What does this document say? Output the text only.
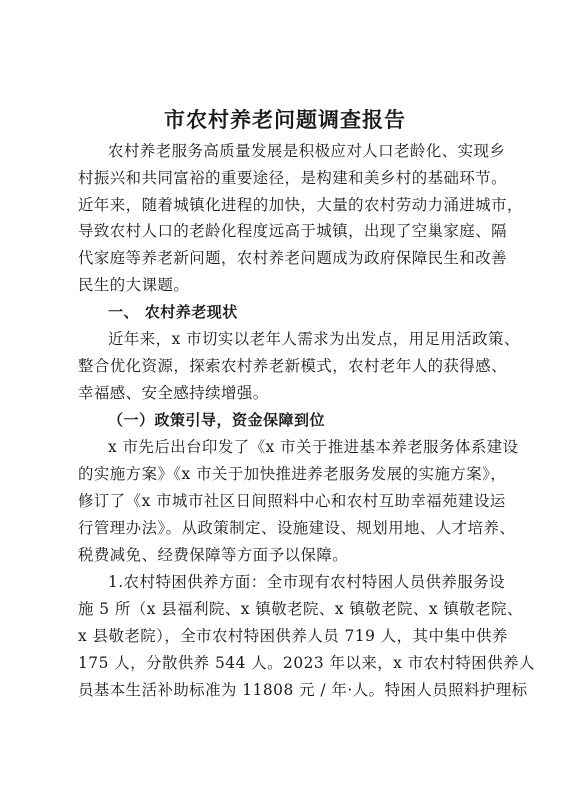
市农村养老问题调查报告
农村养老服务高质量发展是积极应对人口老龄化、实现乡
村振兴和共同富裕的重要途径，是构建和美乡村的基础环节。
近年来，随着城镇化进程的加快，大量的农村劳动力涌进城市，
导致农村人口的老龄化程度远高于城镇，出现了空巢家庭、隔
代家庭等养老新问题，农村养老问题成为政府保障民生和改善
民生的大课题。
一、 农村养老现状
近年来，x 市切实以老年人需求为出发点，用足用活政策、
整合优化资源，探索农村养老新模式，农村老年人的获得感、
幸福感、安全感持续增强。
（一）政策引导，资金保障到位
x 市先后出台印发了《x 市关于推进基本养老服务体系建设
的实施方案》《x 市关于加快推进养老服务发展的实施方案》，
修订了《x 市城市社区日间照料中心和农村互助幸福苑建设运
行管理办法》。从政策制定、设施建设、规划用地、人才培养、
税费减免、经费保障等方面予以保障。
1.农村特困供养方面：全市现有农村特困人员供养服务设
施 5 所（x 县福利院、x 镇敬老院、x 镇敬老院、x 镇敬老院、
x 县敬老院），全市农村特困供养人员 719 人，其中集中供养
175 人，分散供养 544 人。2023 年以来，x 市农村特困供养人
员基本生活补助标准为 11808 元 / 年·人。特困人员照料护理标
